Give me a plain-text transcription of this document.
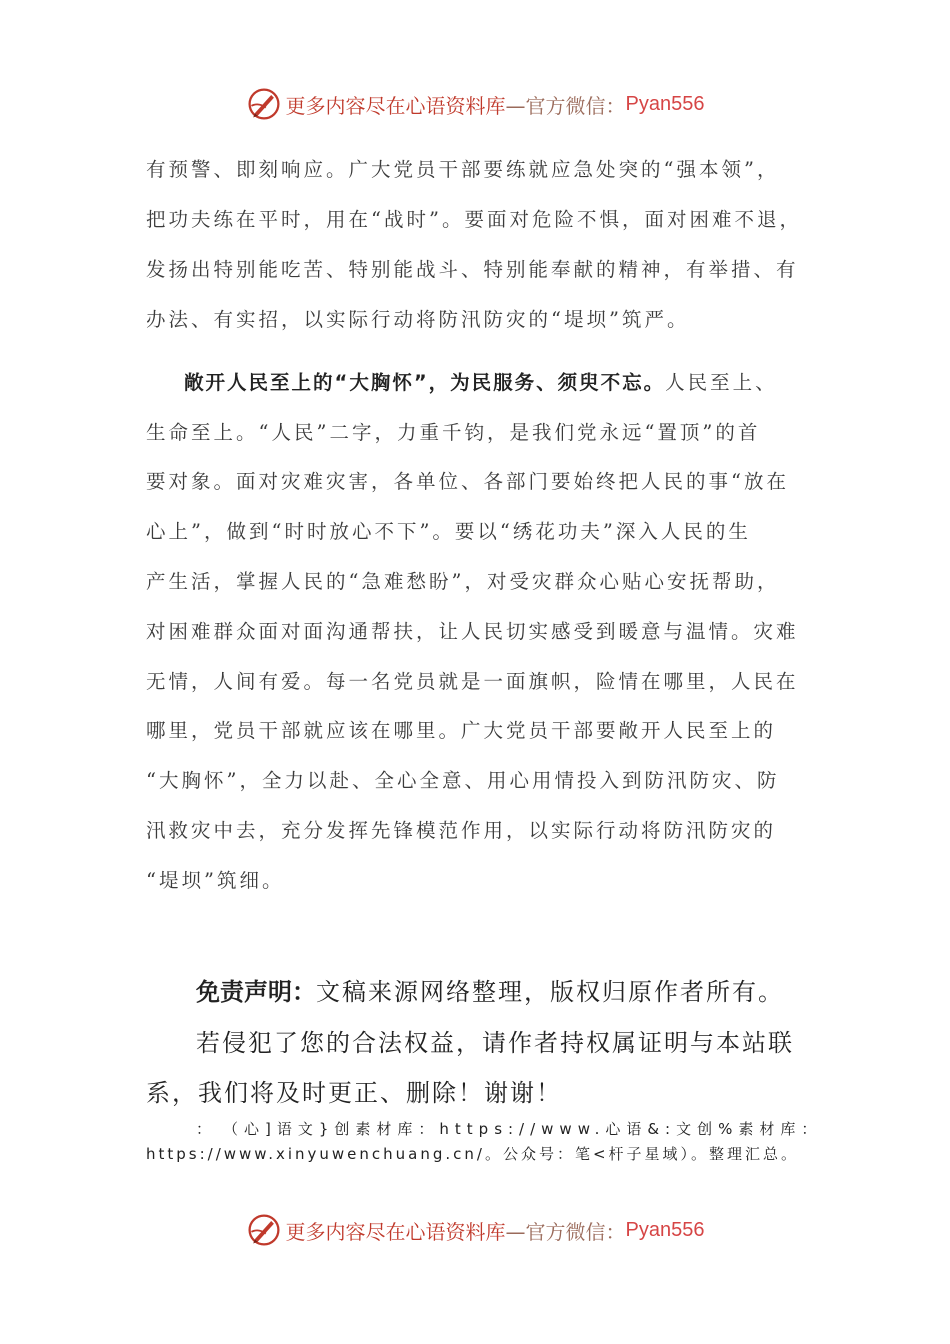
更多内容尽在心语资料库 —官方微信： Pyan556
有预警、即刻响应。广大党员干部要练就应急处突的“强本领”，
把功夫练在平时，用在“战时”。要面对危险不惧，面对困难不退，
发扬出特别能吃苦、特别能战斗、特别能奉献的精神，有举措、有
办法、有实招，以实际行动将防汛防灾的“堤坝”筑严。
敞开人民至上的“大胸怀”，为民服务、须臾不忘。人民至上、
生命至上。“人民”二字，力重千钧，是我们党永远“置顶”的首
要对象。面对灾难灾害，各单位、各部门要始终把人民的事“放在
心上”，做到“时时放心不下”。要以“绣花功夫”深入人民的生
产生活，掌握人民的“急难愁盼”，对受灾群众心贴心安抚帮助，
对困难群众面对面沟通帮扶，让人民切实感受到暖意与温情。灾难
无情，人间有爱。每一名党员就是一面旗帜，险情在哪里，人民在
哪里，党员干部就应该在哪里。广大党员干部要敞开人民至上的
“大胸怀”，全力以赴、全心全意、用心用情投入到防汛防灾、防
汛救灾中去，充分发挥先锋模范作用，以实际行动将防汛防灾的
“堤坝”筑细。
免责声明：文稿来源网络整理，版权归原作者所有。
若侵犯了您的合法权益，请作者持权属证明与本站联
系，我们将及时更正、删除！谢谢！
：　（心]语文}创素材库：https://www.心语&:文创%素材库：
https://www.xinyuwenchuang.cn/。公众号：笔<杆子星域）。整理汇总。
更多内容尽在心语资料库 —官方微信： Pyan556
